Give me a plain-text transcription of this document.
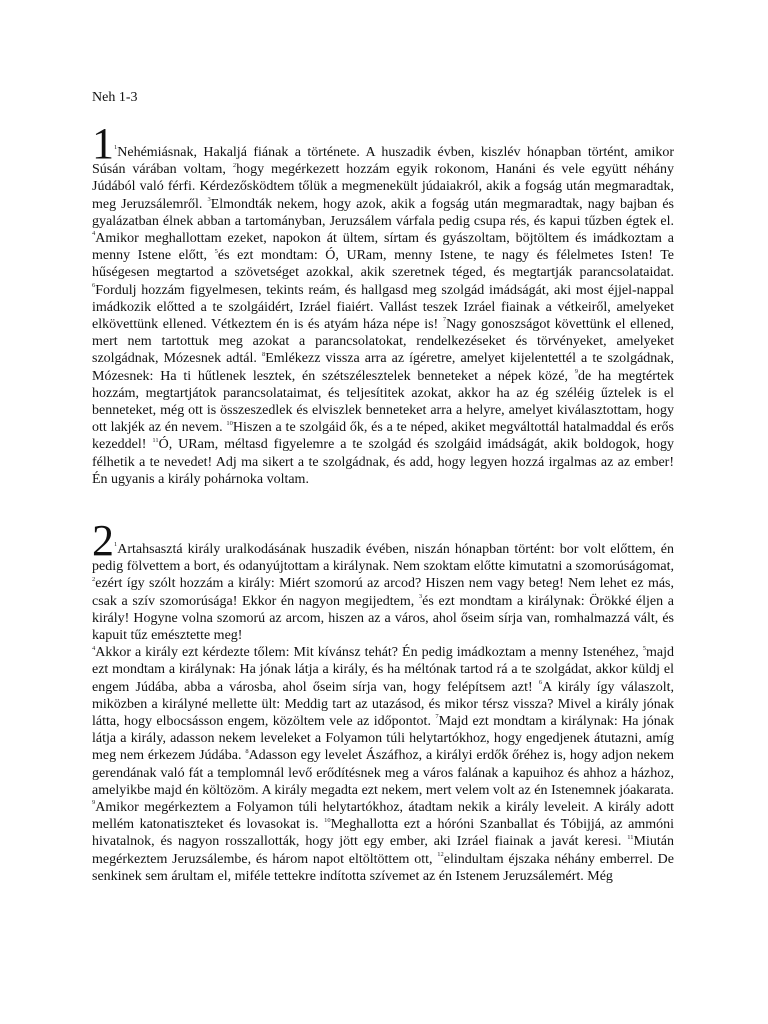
Neh 1-3

$1^1Nehémiásnak$, Hakaljá fiának a története. A huszadik évben, kiszlév hónapban történt, amikor Súsán várában voltam, $^2$hogy megérkezett hozzám egyik rokonom, Hanáni és vele együtt néhány Júdából való férfi. Kérdezősködtem tőlük a megmenekült júdaiakról, akik a fogság után megmaradtak, meg Jeruzsálemről. $^3$Elmondták nekem, hogy azok, akik a fogság után megmaradtak, nagy bajban és gyalázatban élnek abban a tartományban, Jeruzsálem várfala pedig csupa rés, és kapui tűzben égtek el. $^4$Amikor meghallottam ezeket, napokon át ültem, sírtam és gyászoltam, böjtöltem és imádkoztam a menny Istene előtt, $^5$és ezt mondtam: Ó, URam, menny Istene, te nagy és félelmetes Isten! Te hűségesen megtartod a szövetséget azokkal, akik szeretnek téged, és megtartják parancsolataidat. $^6$Fordulj hozzám figyelmesen, tekints reám, és hallgasd meg szolgád imádságát, aki most éjjel-nappal imádkozik előtted a te szolgáidért, Izráel fiaiért. Vallást teszek Izráel fiainak a vétkeiről, amelyeket elkövettünk ellened. Vétkeztem én is és atyám háza népe is! $^7$Nagy gonoszságot követtünk el ellened, mert nem tartottuk meg azokat a parancsolatokat, rendelkezéseket és törvényeket, amelyeket szolgádnak, Mózesnek adtál. $^8$Emlékezz vissza arra az ígéretre, amelyet kijelentettél a te szolgádnak, Mózesnek: Ha ti hűtlenek lesztek, én szétszélesztelek benneteket a népek közé, $^9$de ha megtértek hozzám, megtartjátok parancsolataimat, és teljesítitek azokat, akkor ha az ég széléig űztelek is el benneteket, még ott is összeszedlek és elviszlek benneteket arra a helyre, amelyet kiválasztottam, hogy ott lakjék az én nevem. $^{10}$Hiszen a te szolgáid ők, és a te néped, akiket megváltottál hatalmaddal és erős kezeddel! $^{11}$Ó, URam, méltasd figyelemre a te szolgád és szolgáid imádságát, akik boldogok, hogy félhetik a te nevedet! Adj ma sikert a te szolgádnak, és add, hogy legyen hozzá irgalmas az az ember! Én ugyanis a király pohárnoka voltam.

$2^1Artahsasztá$ király uralkodásának huszadik évében, niszán hónapban történt: bor volt előttem, én pedig fölvettem a bort, és odanyújtottam a királynak. Nem szoktam előtte kimutatni a szomorúságomat, $^2$ezért így szólt hozzám a király: Miért szomorú az arcod? Hiszen nem vagy beteg! Nem lehet ez más, csak a szív szomorúsága! Ekkor én nagyon megijedtem, $^3$és ezt mondtam a királynak: Örökké éljen a király! Hogyne volna szomorú az arcom, hiszen az a város, ahol őseim sírja van, romhalmazzá vált, és kapuit tűz emésztette meg!

$^4$Akkor a király ezt kérdezte tőlem: Mit kívánsz tehát? Én pedig imádkoztam a menny Istenéhez, $^5$majd ezt mondtam a királynak: Ha jónak látja a király, és ha méltónak tartod rá a te szolgádat, akkor küldj el engem Júdába, abba a városba, ahol őseim sírja van, hogy felépítsem azt! $^6$A király így válaszolt, miközben a királyné mellette ült: Meddig tart az utazásod, és mikor térsz vissza? Mivel a király jónak látta, hogy elbocsásson engem, közöltem vele az időpontot. $^7$Majd ezt mondtam a királynak: Ha jónak látja a király, adasson nekem leveleket a Folyamon túli helytartókhoz, hogy engedjenek átutazni, amíg meg nem érkezem Júdába. $^8$Adasson egy levelet Ászáfhoz, a királyi erdők őréhez is, hogy adjon nekem gerendának való fát a templomnál levő erődítésnek meg a város falának a kapuihoz és ahhoz a házhoz, amelyikbe majd én költözöm. A király megadta ezt nekem, mert velem volt az én Istenemnek jóakarata. $^9$Amikor megérkeztem a Folyamon túli helytartókhoz, átadtam nekik a király leveleit. A király adott mellém katonatiszteket és lovasokat is. $^{10}$Meghallotta ezt a hóróni Szanballat és Tóbijjá, az ammóni hivatalnok, és nagyon rosszallották, hogy jött egy ember, aki Izráel fiainak a javát keresi. $^{11}$Miután megérkeztem Jeruzsálembe, és három napot eltöltöttem ott, $^{12}$elindultam éjszaka néhány emberrel. De senkinek sem árultam el, miféle tettekre indította szívemet az én Istenem Jeruzsálemért. Még
